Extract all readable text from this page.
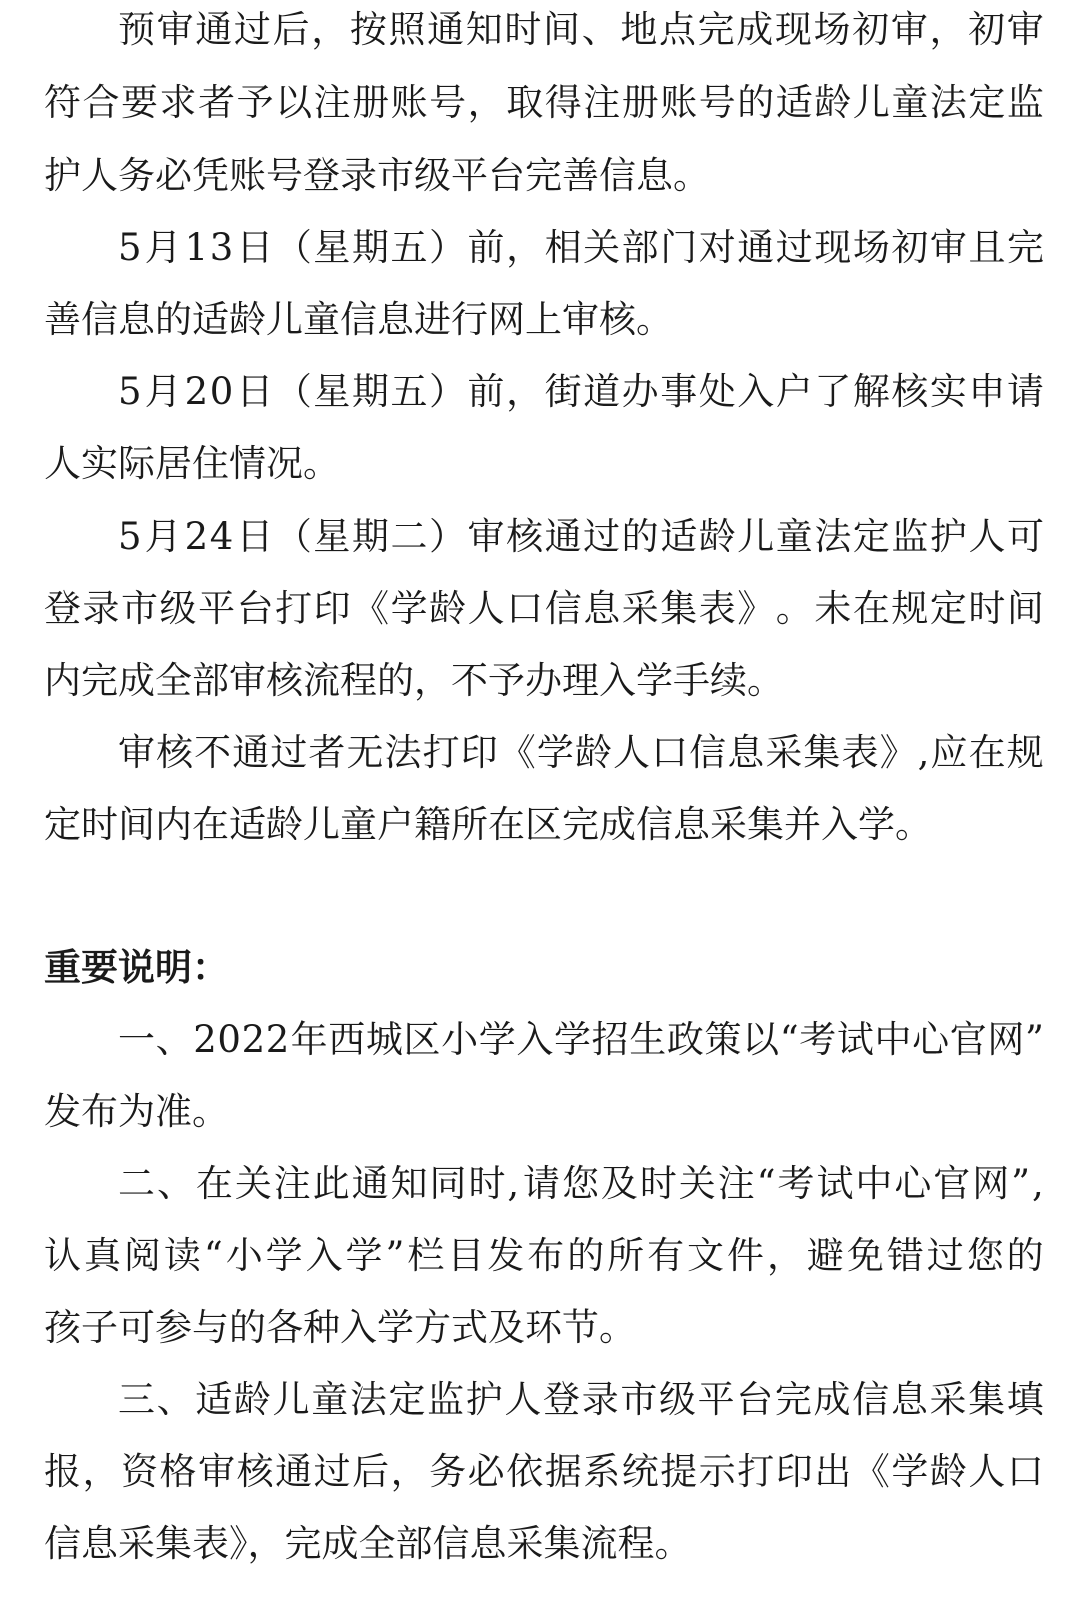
预 审 通 过 后 ， 按 照 通 知 时 间 、 地 点 完 成 现 场 初 审 ， 初 审
符 合 要 求 者 予 以 注 册 账 号 ， 取 得 注 册 账 号 的 适 龄 儿 童 法 定 监
护人务必凭账号登录市级平台完善信息。
5 月 1 3 日 （ 星 期 五 ） 前 ， 相 关 部 门 对 通 过 现 场 初 审 且 完
善信息的适龄儿童信息进行网上审核。
5 月 2 0 日 （ 星 期 五 ） 前 ， 街 道 办 事 处 入 户 了 解 核 实 申 请
人实际居住情况。
5 月 2 4 日 （ 星 期 二 ） 审 核 通 过 的 适 龄 儿 童 法 定 监 护 人 可
登 录 市 级 平 台 打 印 《 学 龄 人 口 信 息 采 集 表 》 。 未 在 规 定 时 间
内完成全部审核流程的，不予办理入学手续。
审 核 不 通 过 者 无 法 打 印 《 学 龄 人 口 信 息 采 集 表 》 , 应 在 规
定时间内在适龄儿童户籍所在区完成信息采集并入学。
重要说明：
一 、 2 0 2 2 年 西 城 区 小 学 入 学 招 生 政 策 以 “ 考 试 中 心 官 网 ”
发布为准。
二 、 在 关 注 此 通 知 同 时 , 请 您 及 时 关 注 “ 考 试 中 心 官 网 ” ,
认 真 阅 读 “ 小 学 入 学 ” 栏 目 发 布 的 所 有 文 件 ， 避 免 错 过 您 的
孩子可参与的各种入学方式及环节。
三 、 适 龄 儿 童 法 定 监 护 人 登 录 市 级 平 台 完 成 信 息 采 集 填
报 ， 资 格 审 核 通 过 后 ， 务 必 依 据 系 统 提 示 打 印 出 《 学 龄 人 口
信息采集表》，完成全部信息采集流程。
